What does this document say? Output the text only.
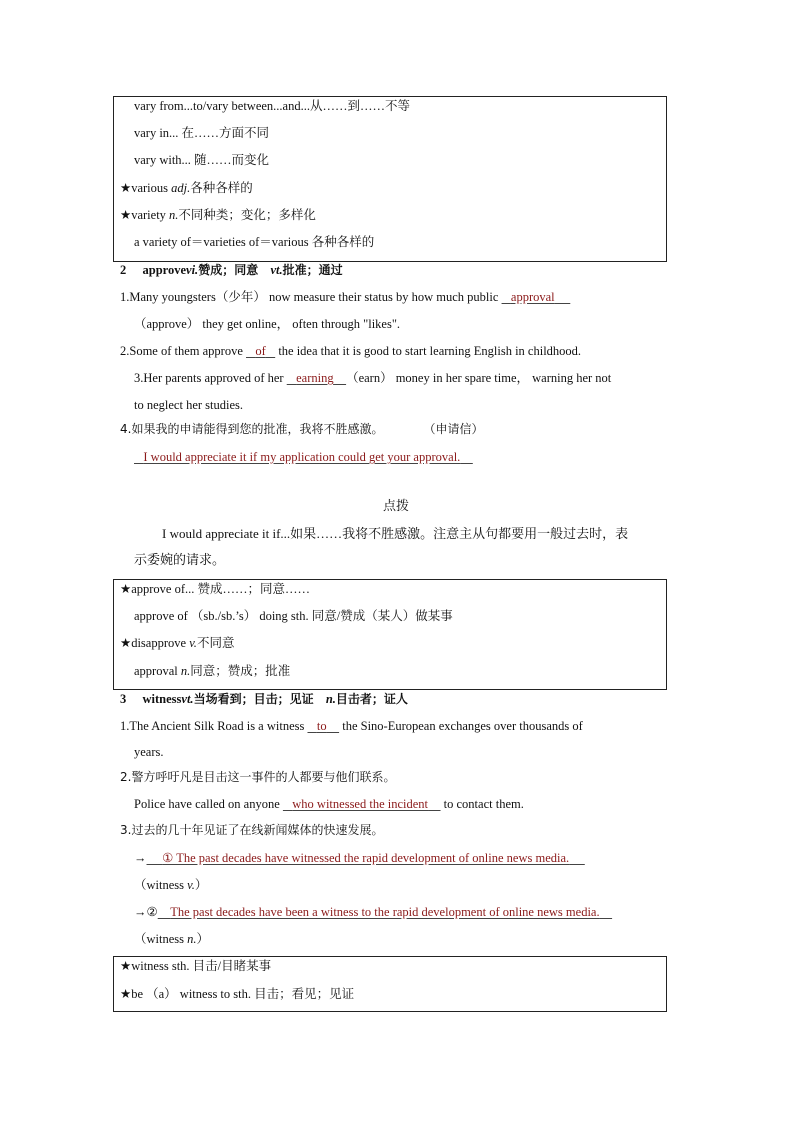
vary from...to/vary between...and...从……到……不等
vary in... 在……方面不同
vary with... 随……而变化
★various adj.各种各样的
★variety n.不同种类；变化；多样化
a variety of＝varieties of＝various 各种各样的
2 approvevi.赞成；同意 vt.批准；通过
1.Many youngsters（少年） now measure their status by how much public    approval
（approve） they get online， often through "likes".
2.Some of them approve    of    the idea that it is good to start learning English in childhood.
3.Her parents approved of her    earning （earn） money in her spare time， warning her not
to neglect her studies.
4.如果我的申请能得到您的批准，我将不胜感激。	（申请信）
I would appreciate it if my application could get your approval.
点拨
I would appreciate it if...如果……我将不胜感激。注意主从句都要用一般过去时，表
示委婉的请求。
★approve of... 赞成……；同意……
approve of （sb./sb.’s） doing sth. 同意/赞成（某人）做某事
★disapprove v.不同意
approval n.同意；赞成；批准
3 witnessvt.当场看到；目击；见证 n.目击者；证人
1.The Ancient Silk Road is a witness    to     the Sino-European exchanges over thousands of
years.
2.警方呼吁凡是目击这一事件的人都要与他们联系。
Police have called on anyone    who witnessed the incident     to contact them.
3.过去的几十年见证了在线新闻媒体的快速发展。
→ ① The past decades have witnessed the rapid development of online news media.
（witness v.）
→② The past decades have been a witness to the rapid development of online news media.
（witness n.）
★witness sth. 目击/目睹某事
★be （a） witness to sth. 目击；看见；见证
